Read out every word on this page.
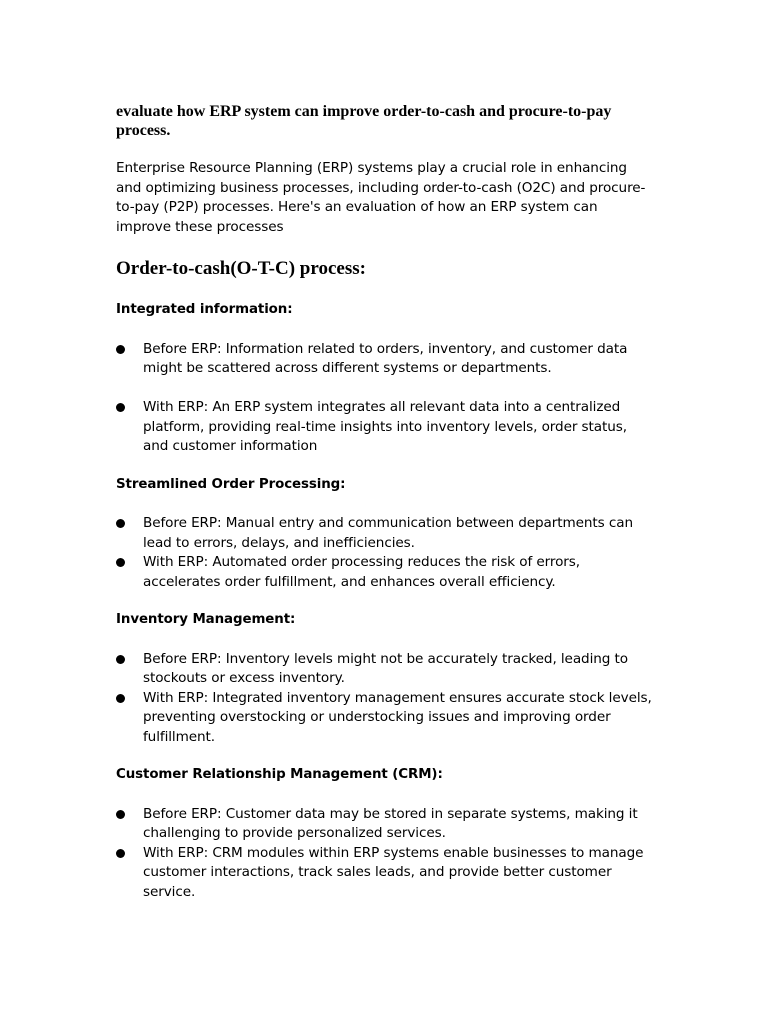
evaluate how ERP system can improve order-to-cash and procure-to-pay process.

Enterprise Resource Planning (ERP) systems play a crucial role in enhancing and optimizing business processes, including order-to-cash (O2C) and procure-to-pay (P2P) processes. Here's an evaluation of how an ERP system can improve these processes

Order-to-cash(O-T-C) process:

Integrated information:

Before ERP: Information related to orders, inventory, and customer data might be scattered across different systems or departments.
With ERP: An ERP system integrates all relevant data into a centralized platform, providing real-time insights into inventory levels, order status, and customer information

Streamlined Order Processing:

Before ERP: Manual entry and communication between departments can lead to errors, delays, and inefficiencies.
With ERP: Automated order processing reduces the risk of errors, accelerates order fulfillment, and enhances overall efficiency.

Inventory Management:

Before ERP: Inventory levels might not be accurately tracked, leading to stockouts or excess inventory.
With ERP: Integrated inventory management ensures accurate stock levels, preventing overstocking or understocking issues and improving order fulfillment.

Customer Relationship Management (CRM):

Before ERP: Customer data may be stored in separate systems, making it challenging to provide personalized services.
With ERP: CRM modules within ERP systems enable businesses to manage customer interactions, track sales leads, and provide better customer service.
